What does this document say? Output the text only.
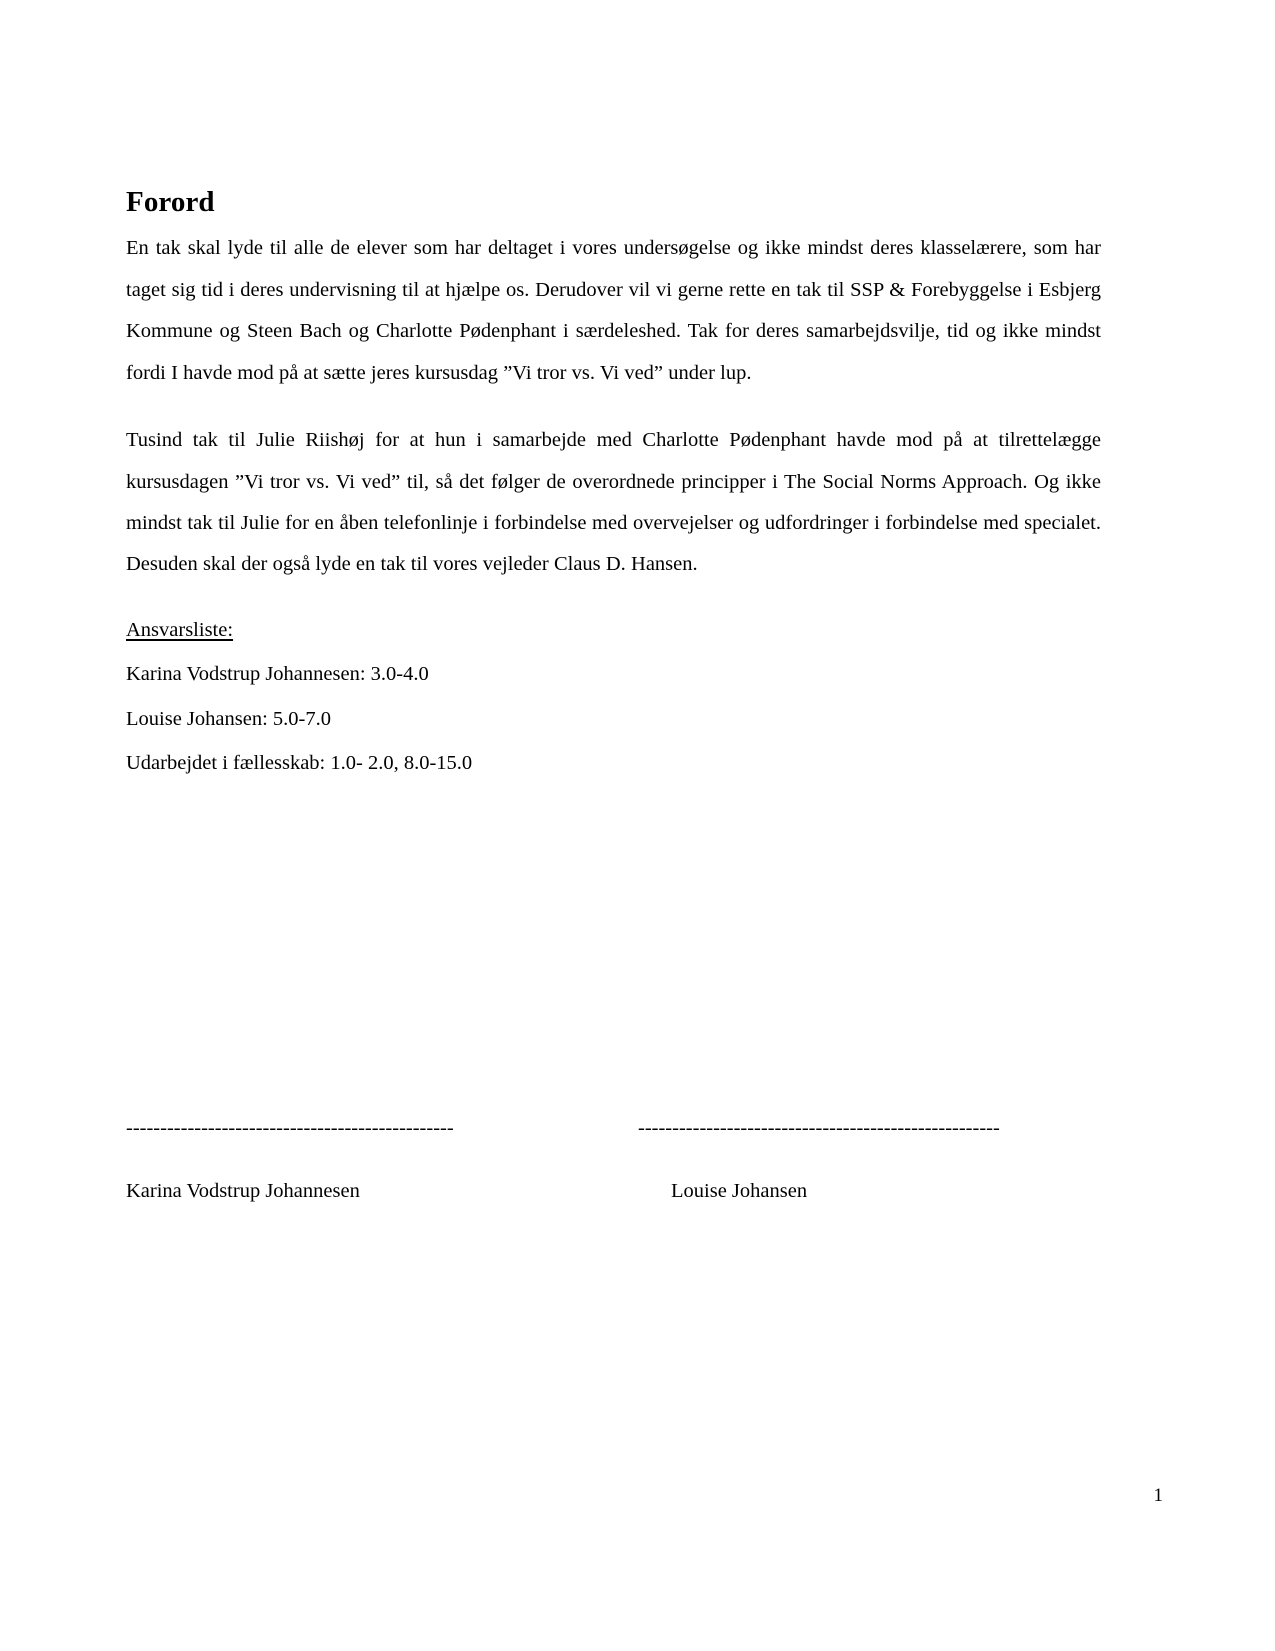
Forord

En tak skal lyde til alle de elever som har deltaget i vores undersøgelse og ikke mindst deres klasselærere, som har taget sig tid i deres undervisning til at hjælpe os. Derudover vil vi gerne rette en tak til SSP & Forebyggelse i Esbjerg Kommune og Steen Bach og Charlotte Pødenphant i særdeleshed. Tak for deres samarbejdsvilje, tid og ikke mindst fordi I havde mod på at sætte jeres kursusdag ”Vi tror vs. Vi ved” under lup.

Tusind tak til Julie Riishøj for at hun i samarbejde med Charlotte Pødenphant havde mod på at tilrettelægge kursusdagen ”Vi tror vs. Vi ved” til, så det følger de overordnede principper i The Social Norms Approach. Og ikke mindst tak til Julie for en åben telefonlinje i forbindelse med overvejelser og udfordringer i forbindelse med specialet. Desuden skal der også lyde en tak til vores vejleder Claus D. Hansen.

Ansvarsliste:

Karina Vodstrup Johannesen: 3.0-4.0

Louise Johansen: 5.0-7.0

Udarbejdet i fællesskab: 1.0- 2.0, 8.0-15.0

------------------------------------------------	-----------------------------------------------------
Karina Vodstrup Johannesen	Louise Johansen
1
